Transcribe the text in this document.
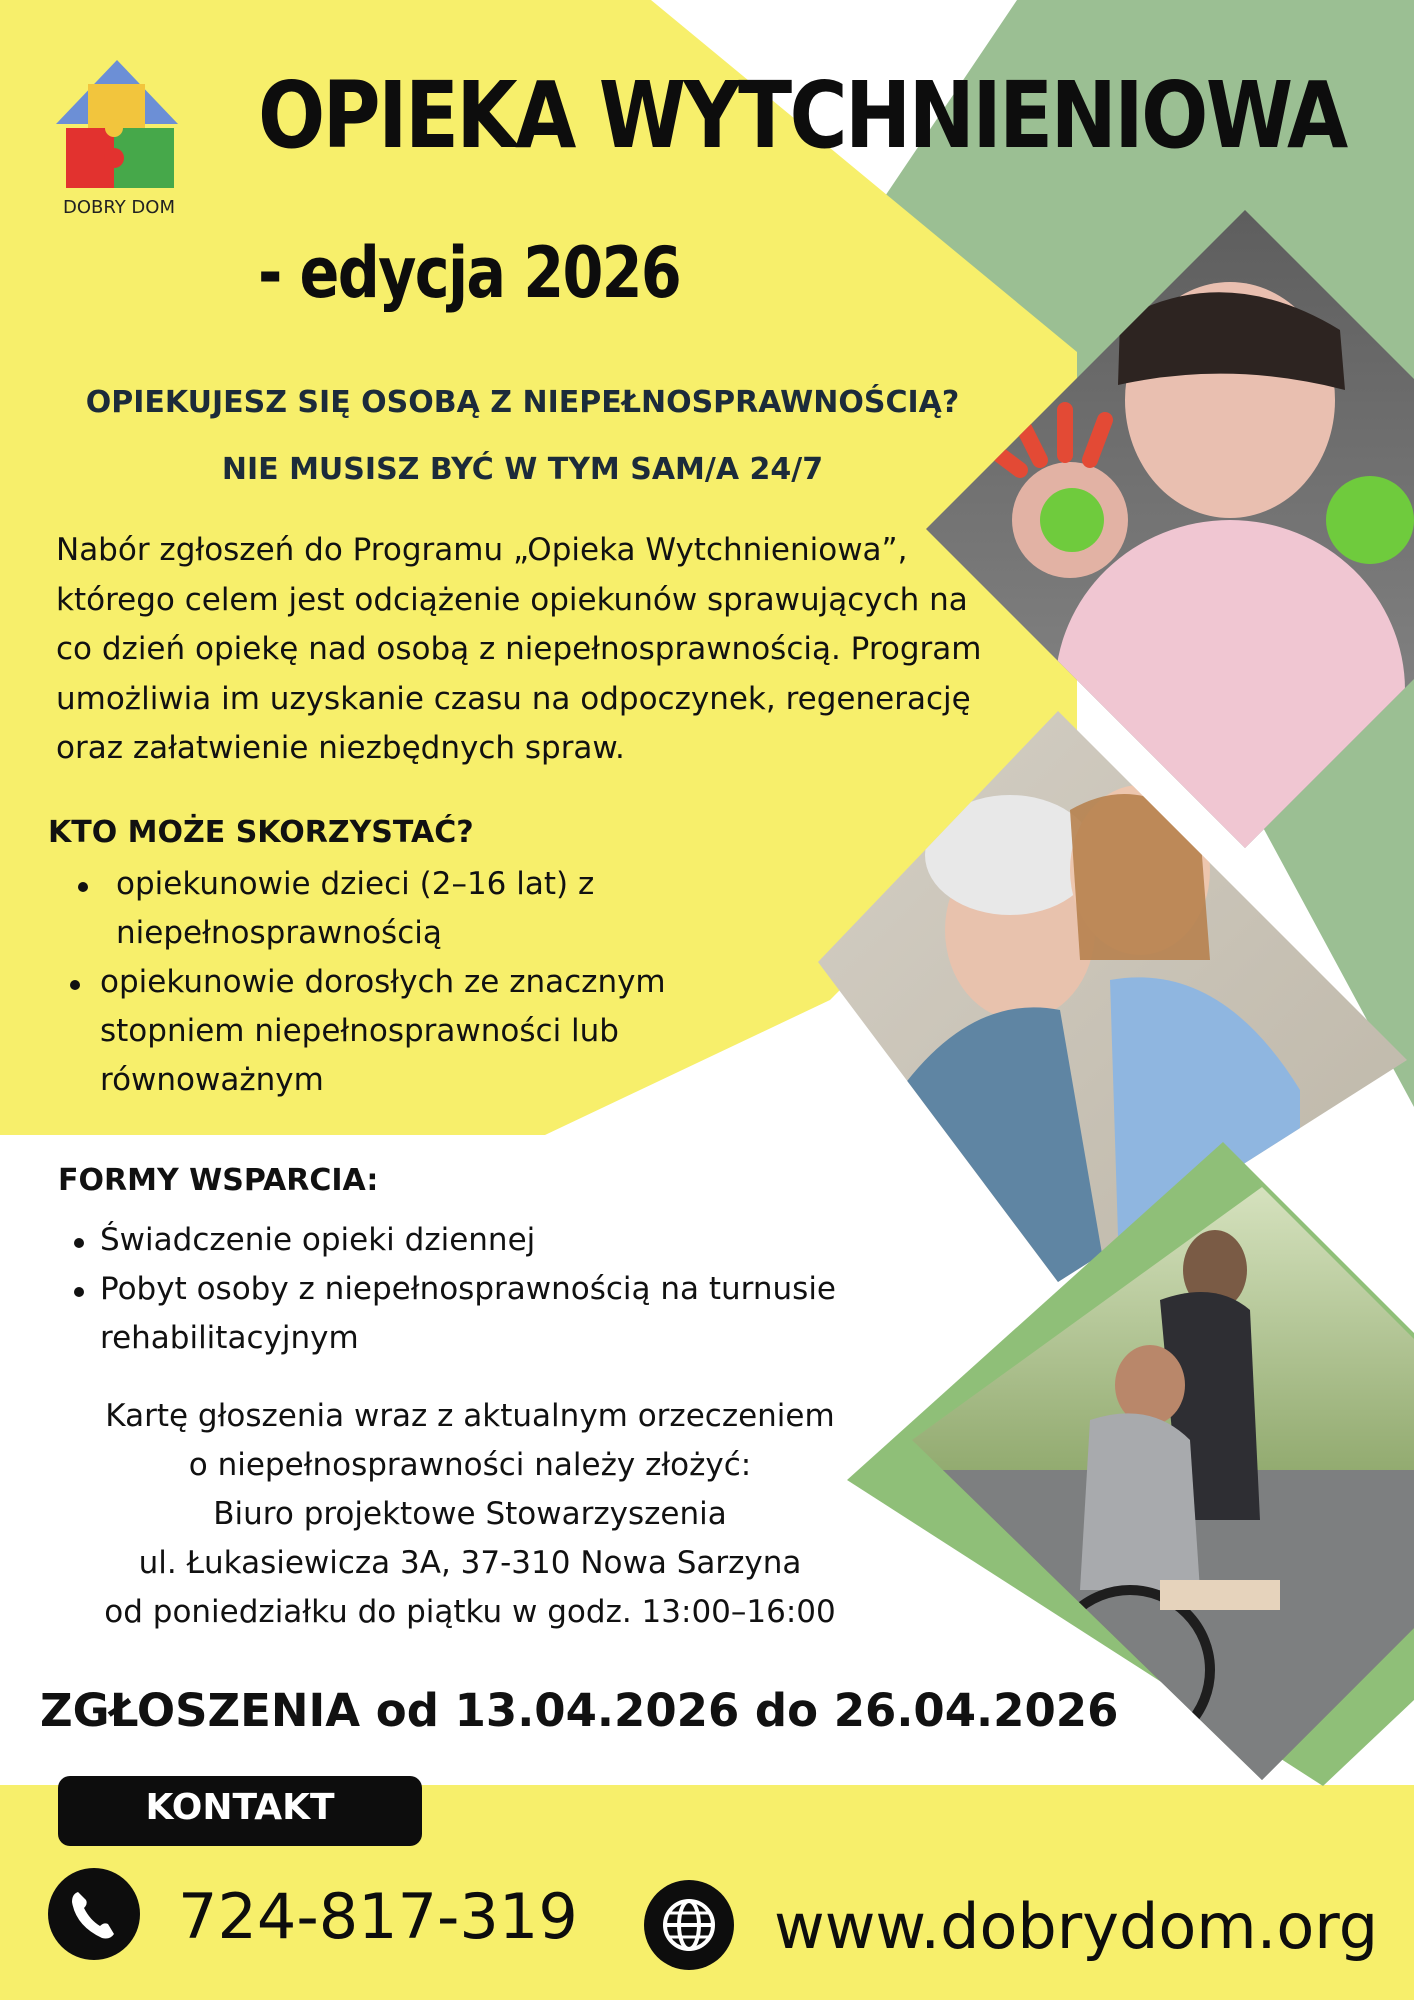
DOBRY DOM
OPIEKA WYTCHNIENIOWA
- edycja 2026
OPIEKUJESZ SIĘ OSOBĄ Z NIEPEŁNOSPRAWNOŚCIĄ?
NIE MUSISZ BYĆ W TYM SAM/A 24/7
Nabór zgłoszeń do Programu „Opieka Wytchnieniowa”, którego celem jest odciążenie opiekunów sprawujących na co dzień opiekę nad osobą z niepełnosprawnością. Program umożliwia im uzyskanie czasu na odpoczynek, regenerację oraz załatwienie niezbędnych spraw.
KTO MOŻE SKORZYSTAĆ?
opiekunowie dzieci (2–16 lat) z niepełnosprawnością
opiekunowie dorosłych ze znacznym stopniem niepełnosprawności lub równoważnym
FORMY WSPARCIA:
Świadczenie opieki dziennej
Pobyt osoby z niepełnosprawnością na turnusie rehabilitacyjnym
Kartę głoszenia wraz z aktualnym orzeczeniem
o niepełnosprawności należy złożyć:
Biuro projektowe Stowarzyszenia
ul. Łukasiewicza 3A, 37-310 Nowa Sarzyna
od poniedziałku do piątku w godz. 13:00–16:00
ZGŁOSZENIA od 13.04.2026 do 26.04.2026
KONTAKT
724-817-319	www.dobrydom.org
